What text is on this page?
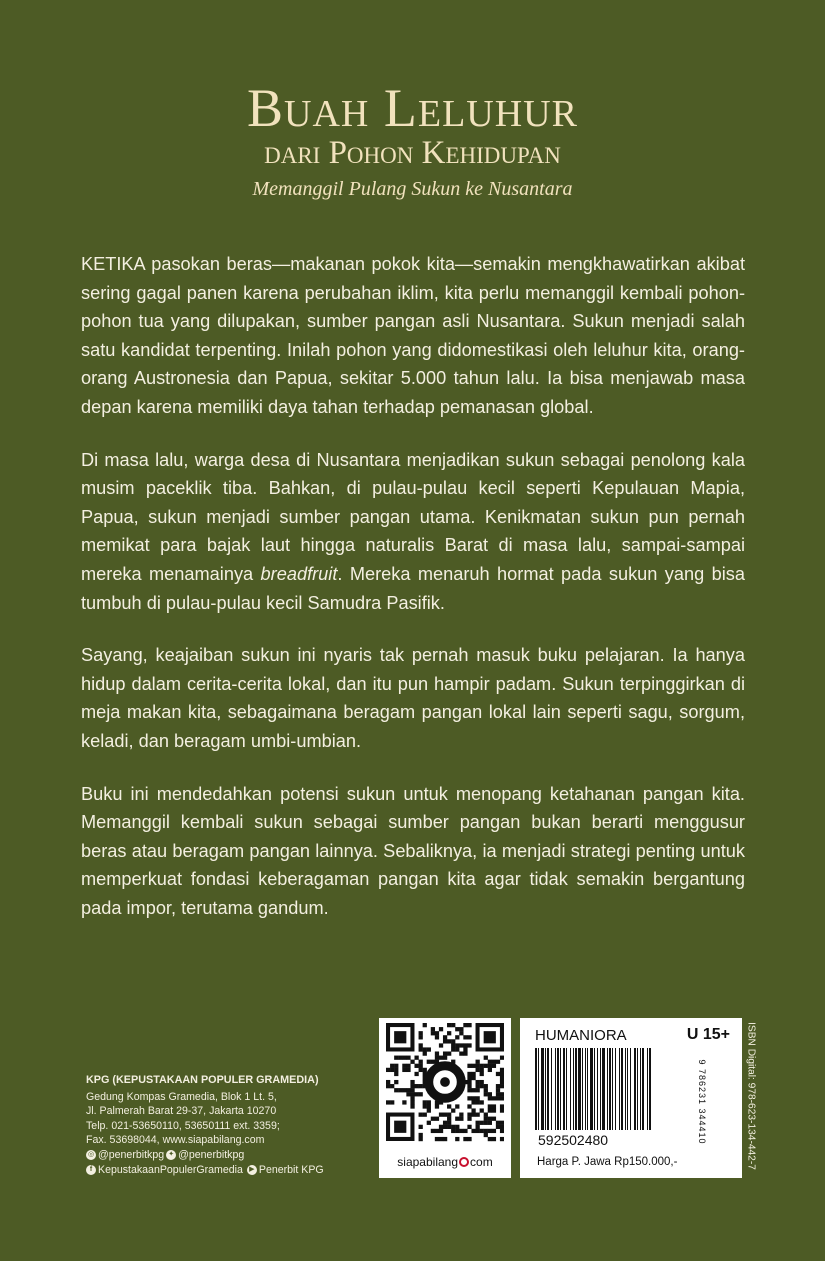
Buah Leluhur
dari Pohon Kehidupan
Memanggil Pulang Sukun ke Nusantara

KETIKA pasokan beras—makanan pokok kita—semakin mengkhawatirkan akibat sering gagal panen karena perubahan iklim, kita perlu memanggil kembali pohon-pohon tua yang dilupakan, sumber pangan asli Nusantara. Sukun menjadi salah satu kandidat terpenting. Inilah pohon yang didomestikasi oleh leluhur kita, orang-orang Austronesia dan Papua, sekitar 5.000 tahun lalu. Ia bisa menjawab masa depan karena memiliki daya tahan terhadap pemanasan global.

Di masa lalu, warga desa di Nusantara menjadikan sukun sebagai penolong kala musim paceklik tiba. Bahkan, di pulau-pulau kecil seperti Kepulauan Mapia, Papua, sukun menjadi sumber pangan utama. Kenikmatan sukun pun pernah memikat para bajak laut hingga naturalis Barat di masa lalu, sampai-sampai mereka menamainya breadfruit. Mereka menaruh hormat pada sukun yang bisa tumbuh di pulau-pulau kecil Samudra Pasifik.

Sayang, keajaiban sukun ini nyaris tak pernah masuk buku pelajaran. Ia hanya hidup dalam cerita-cerita lokal, dan itu pun hampir padam. Sukun terpinggirkan di meja makan kita, sebagaimana beragam pangan lokal lain seperti sagu, sorgum, keladi, dan beragam umbi-umbian.

Buku ini mendedahkan potensi sukun untuk menopang ketahanan pangan kita. Memanggil kembali sukun sebagai sumber pangan bukan berarti menggusur beras atau beragam pangan lainnya. Sebaliknya, ia menjadi strategi penting untuk memperkuat fondasi keberagaman pangan kita agar tidak semakin bergantung pada impor, terutama gandum.

KPG (KEPUSTAKAAN POPULER GRAMEDIA)
Gedung Kompas Gramedia, Blok 1 Lt. 5,
Jl. Palmerah Barat 29-37, Jakarta 10270
Telp. 021-53650110, 53650111 ext. 3359;
Fax. 53698044, www.siapabilang.com
◎ @penerbitkpg ✦ @penerbitkpg
f KepustakaanPopulerGramedia ▶ Penerbit KPG
siapabilang com
HUMANIORA	U 15+
592502480
Harga P. Jawa Rp150.000,-
9 786231 344410	ISBN Digital: 978-623-134-442-7
